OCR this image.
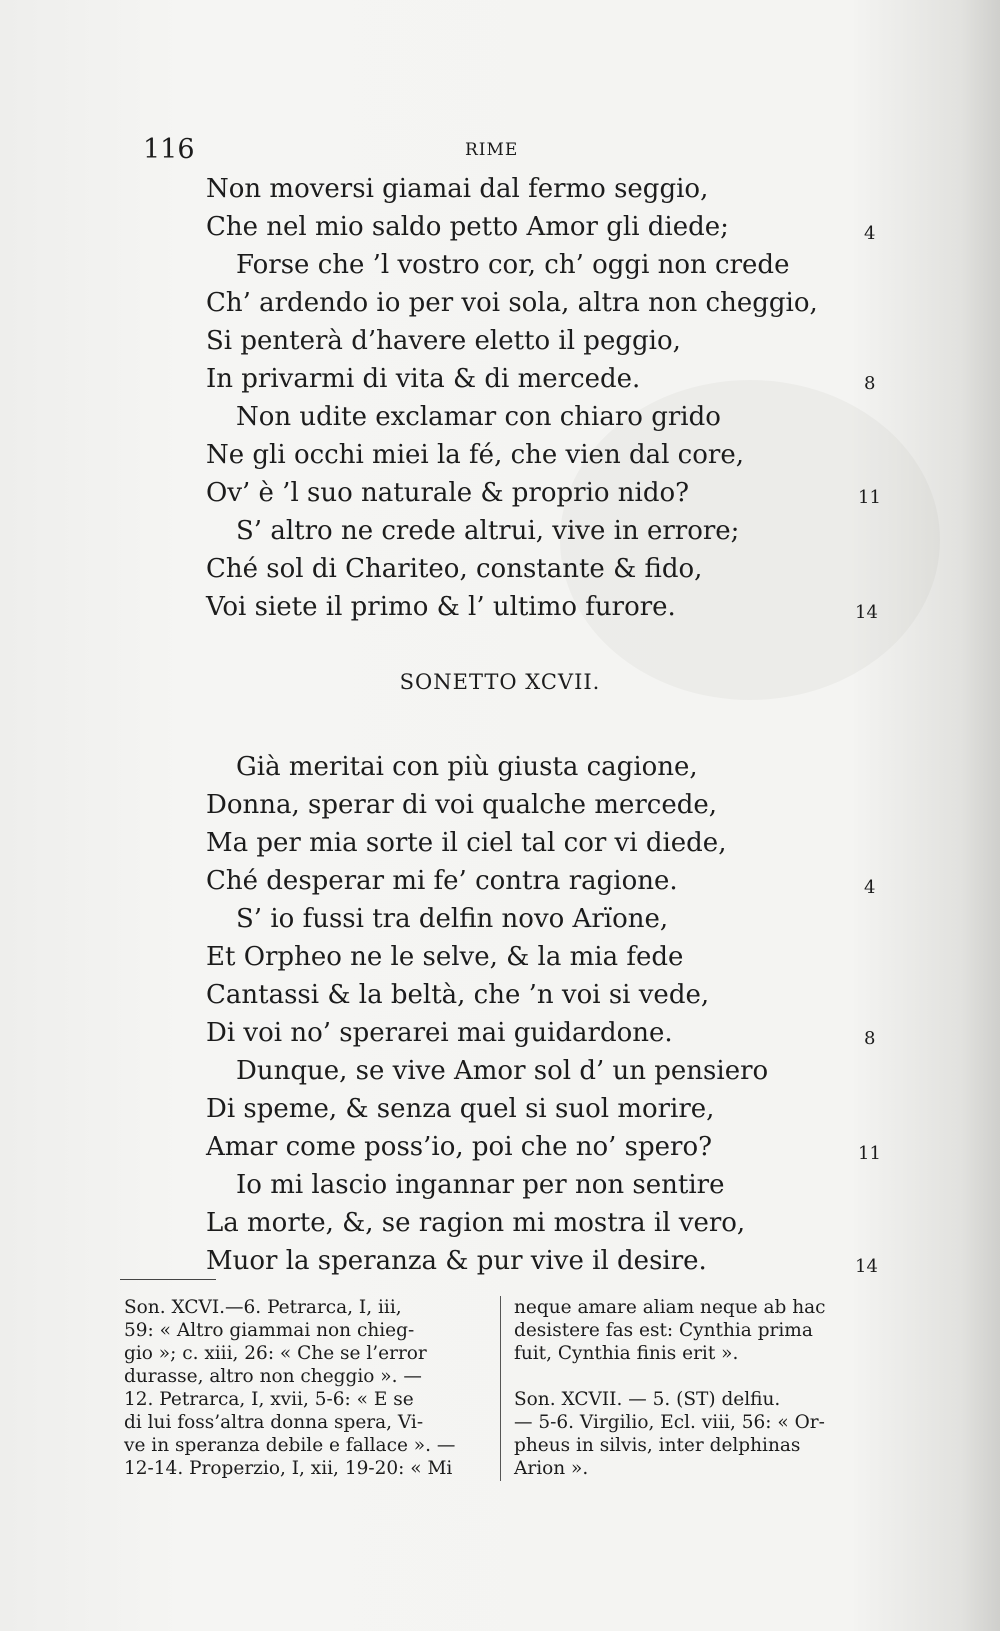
116	RIME
Non moversi giamai dal fermo seggio,
Che nel mio saldo petto Amor gli diede;
Forse che ’l vostro cor, ch’ oggi non crede
Ch’ ardendo io per voi sola, altra non cheggio,
Si penterà d’havere eletto il peggio,
In privarmi di vita & di mercede.
Non udite exclamar con chiaro grido
Ne gli occhi miei la fé, che vien dal core,
Ov’ è ’l suo naturale & proprio nido?
S’ altro ne crede altrui, vive in errore;
Ché sol di Chariteo, constante & fido,
Voi siete il primo & l’ ultimo furore.
4
8
11
14
SONETTO XCVII.
Già meritai con più giusta cagione,
Donna, sperar di voi qualche mercede,
Ma per mia sorte il ciel tal cor vi diede,
Ché desperar mi fe’ contra ragione.
S’ io fussi tra delfin novo Arïone,
Et Orpheo ne le selve, & la mia fede
Cantassi & la beltà, che ’n voi si vede,
Di voi no’ sperarei mai guidardone.
Dunque, se vive Amor sol d’ un pensiero
Di speme, & senza quel si suol morire,
Amar come poss’io, poi che no’ spero?
Io mi lascio ingannar per non sentire
La morte, &, se ragion mi mostra il vero,
Muor la speranza & pur vive il desire.
4
8
11
14
Son. XCVI.—6. Petrarca, I, iii,
59: « Altro giammai non chieg-
gio »; c. xiii, 26: « Che se l’error
durasse, altro non cheggio ». —
12. Petrarca, I, xvii, 5-6: « E se
di lui foss’altra donna spera, Vi-
ve in speranza debile e fallace ». —
12-14. Properzio, I, xii, 19-20: « Mi
neque amare aliam neque ab hac
desistere fas est: Cynthia prima
fuit, Cynthia finis erit ».
Son. XCVII. — 5. (ST) delfiu.
— 5-6. Virgilio, Ecl. viii, 56: « Or-
pheus in silvis, inter delphinas
Arion ».
